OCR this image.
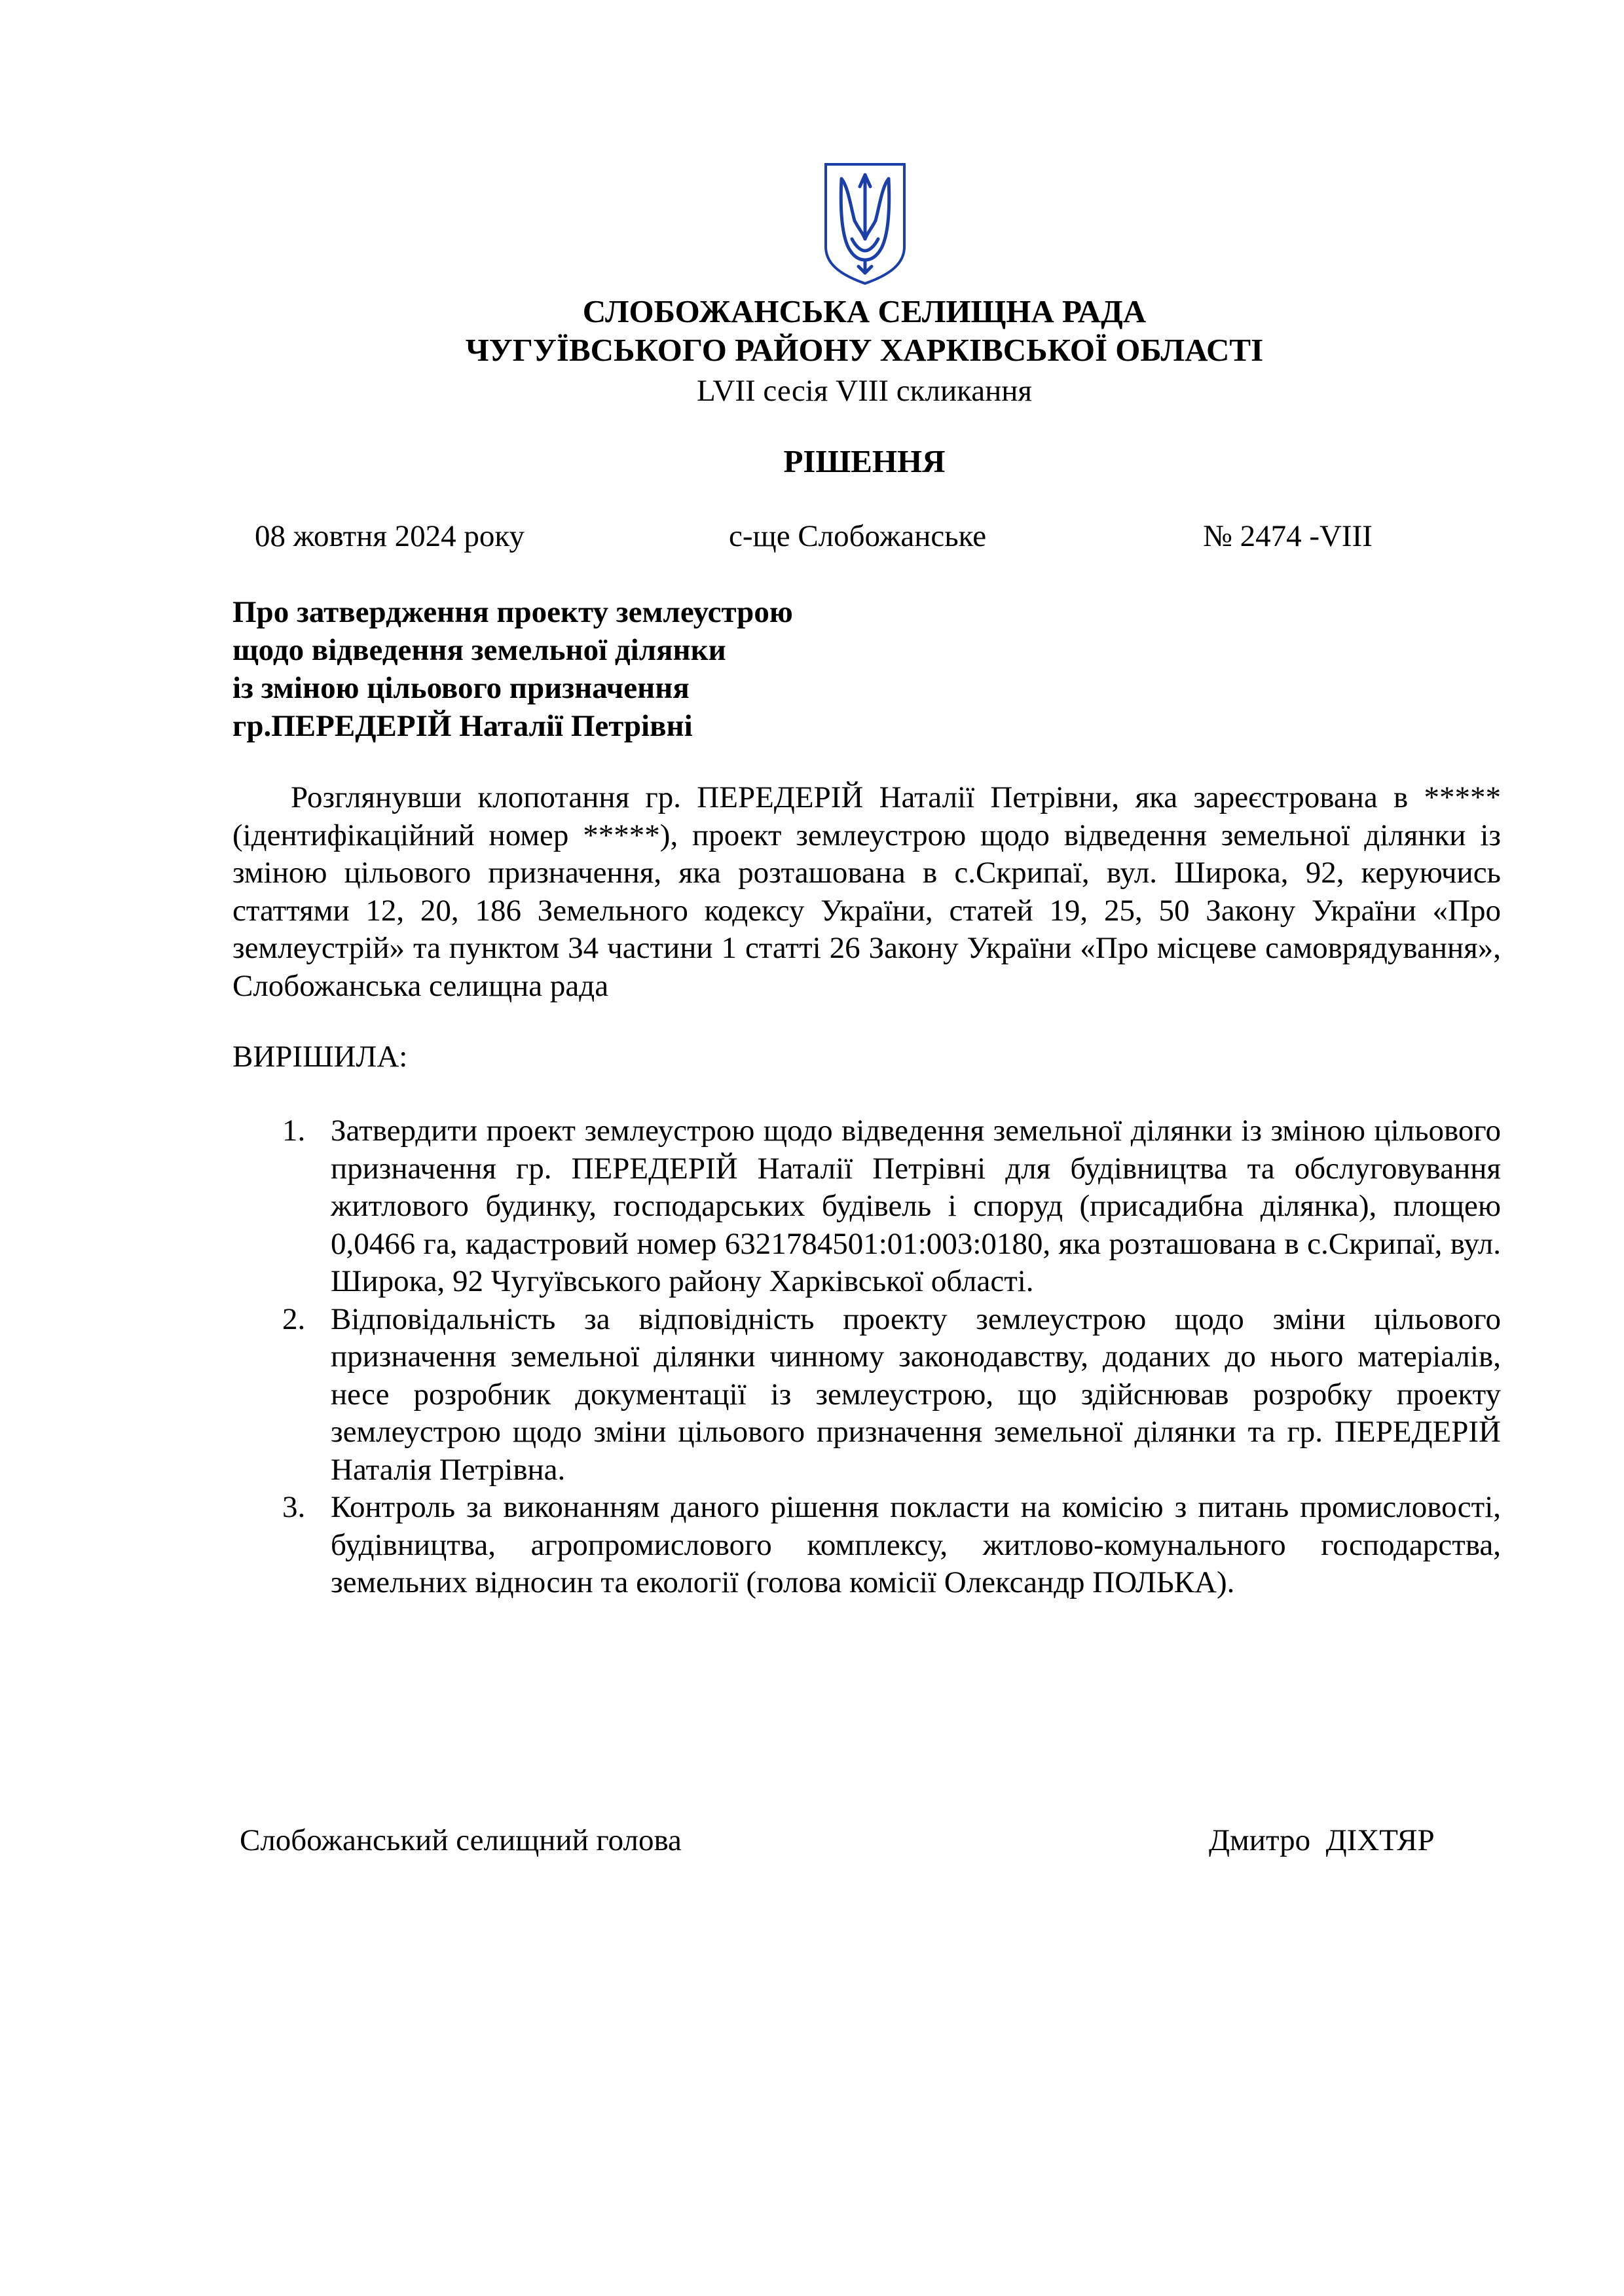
СЛОБОЖАНСЬКА СЕЛИЩНА РАДА
ЧУГУЇВСЬКОГО РАЙОНУ ХАРКІВСЬКОЇ ОБЛАСТІ
LVII сесія VIII скликання
РІШЕННЯ
08 жовтня 2024 року	с-ще Слобожанське	№ 2474 -VIII
Про затвердження проекту землеустрою
щодо відведення земельної ділянки
із зміною цільового призначення
гр.ПЕРЕДЕРІЙ Наталії Петрівні
Розглянувши клопотання гр. ПЕРЕДЕРІЙ Наталії Петрівни, яка зареєстрована в ***** (ідентифікаційний номер *****), проект землеустрою щодо відведення земельної ділянки із зміною цільового призначення, яка розташована в с.Скрипаї, вул. Широка, 92, керуючись статтями 12, 20, 186 Земельного кодексу України, статей 19, 25, 50 Закону України «Про землеустрій» та пунктом 34 частини 1 статті 26 Закону України «Про місцеве самоврядування», Слобожанська селищна рада
ВИРІШИЛА:
1. Затвердити проект землеустрою щодо відведення земельної ділянки із зміною цільового призначення гр. ПЕРЕДЕРІЙ Наталії Петрівні для будівництва та обслуговування житлового будинку, господарських будівель і споруд (присадибна ділянка), площею 0,0466 га, кадастровий номер 6321784501:01:003:0180, яка розташована в с.Скрипаї, вул. Широка, 92 Чугуївського району Харківської області.
2. Відповідальність за відповідність проекту землеустрою щодо зміни цільового призначення земельної ділянки чинному законодавству, доданих до нього матеріалів, несе розробник документації із землеустрою, що здійснював розробку проекту землеустрою щодо зміни цільового призначення земельної ділянки та гр. ПЕРЕДЕРІЙ Наталія Петрівна.
3. Контроль за виконанням даного рішення покласти на комісію з питань промисловості, будівництва, агропромислового комплексу, житлово-комунального господарства, земельних відносин та екології (голова комісії Олександр ПОЛЬКА).
Слобожанський селищний голова	Дмитро  ДІХТЯР
